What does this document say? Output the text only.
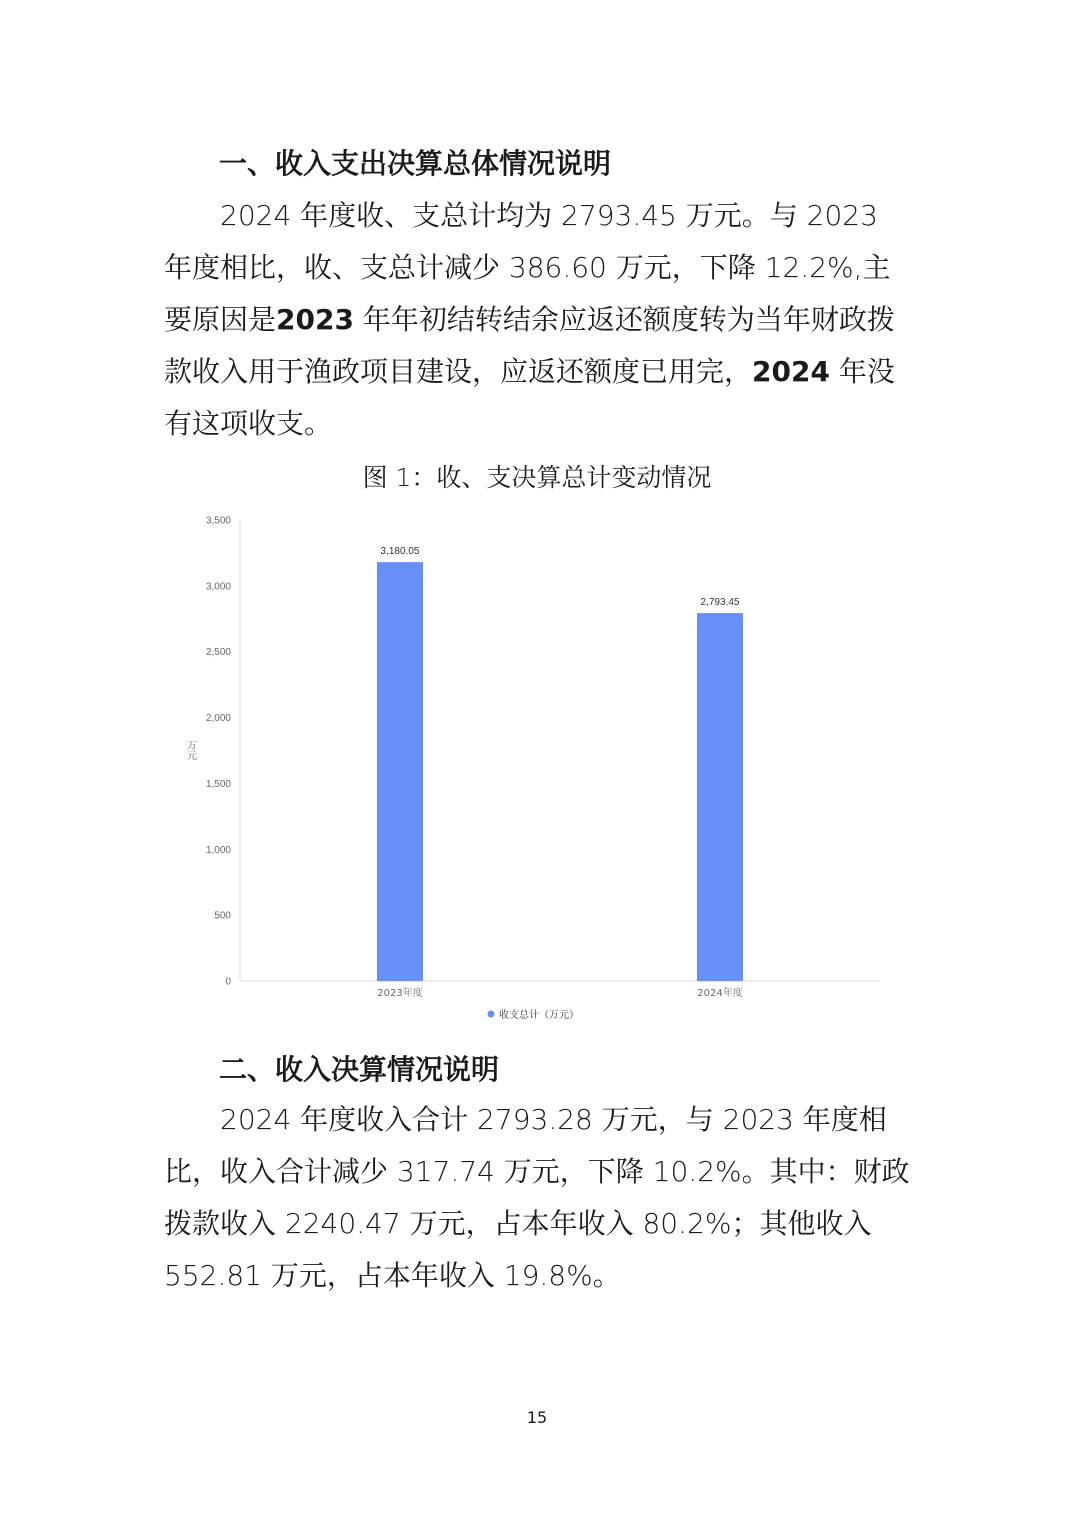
一、收入支出决算总体情况说明

2024 年度收、支总计均为 2793.45 万元。与 2023 年度相比，收、支总计减少 386.60 万元，下降 12.2%,主要原因是2023 年年初结转结余应返还额度转为当年财政拨款收入用于渔政项目建设，应返还额度已用完，2024 年没有这项收支。

图 1：收、支决算总计变动情况

0
500
1,000
1,500
2,000
2,500
3,000
3,500
万元
3,180.05
2023年度
2,793.45
2024年度
收支总计（万元）
二、收入决算情况说明

2024 年度收入合计 2793.28 万元，与 2023 年度相比，收入合计减少 317.74 万元，下降 10.2%。其中：财政拨款收入 2240.47 万元，占本年收入 80.2%；其他收入 552.81 万元，占本年收入 19.8%。

15
